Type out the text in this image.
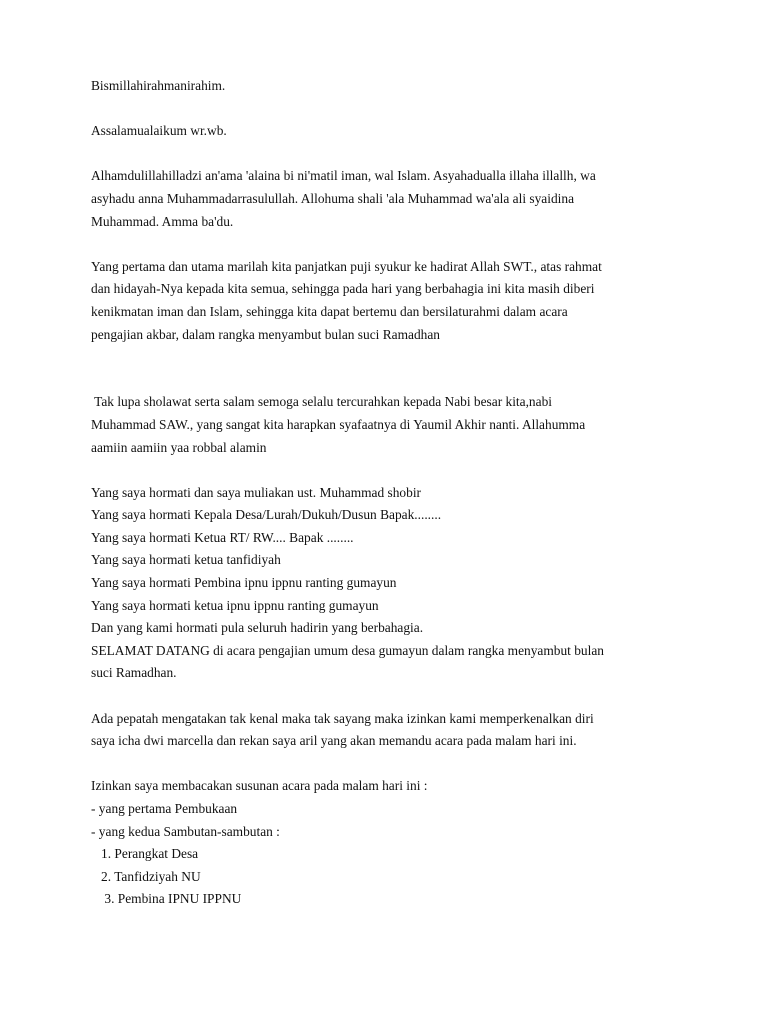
Bismillahirahmanirahim.
Assalamualaikum wr.wb.
Alhamdulillahilladzi an'ama 'alaina bi ni'matil iman, wal Islam. Asyahadualla illaha illallh, wa
asyhadu anna Muhammadarrasulullah. Allohuma shali 'ala Muhammad wa'ala ali syaidina
Muhammad. Amma ba'du.
Yang pertama dan utama marilah kita panjatkan puji syukur ke hadirat Allah SWT., atas rahmat
dan hidayah-Nya kepada kita semua, sehingga pada hari yang berbahagia ini kita masih diberi
kenikmatan iman dan Islam, sehingga kita dapat bertemu dan bersilaturahmi dalam acara
pengajian akbar, dalam rangka menyambut bulan suci Ramadhan
Tak lupa sholawat serta salam semoga selalu tercurahkan kepada Nabi besar kita,nabi
Muhammad SAW., yang sangat kita harapkan syafaatnya di Yaumil Akhir nanti. Allahumma
aamiin aamiin yaa robbal alamin
Yang saya hormati dan saya muliakan ust. Muhammad shobir
Yang saya hormati Kepala Desa/Lurah/Dukuh/Dusun Bapak........
Yang saya hormati Ketua RT/ RW.... Bapak ........
Yang saya hormati ketua tanfidiyah
Yang saya hormati Pembina ipnu ippnu ranting gumayun
Yang saya hormati ketua ipnu ippnu ranting gumayun
Dan yang kami hormati pula seluruh hadirin yang berbahagia.
SELAMAT DATANG di acara pengajian umum desa gumayun dalam rangka menyambut bulan
suci Ramadhan.
Ada pepatah mengatakan tak kenal maka tak sayang maka izinkan kami memperkenalkan diri
saya icha dwi marcella dan rekan saya aril yang akan memandu acara pada malam hari ini.
Izinkan saya membacakan susunan acara pada malam hari ini :
- yang pertama Pembukaan
- yang kedua Sambutan-sambutan :
1. Perangkat Desa
2. Tanfidziyah NU
3. Pembina IPNU IPPNU
